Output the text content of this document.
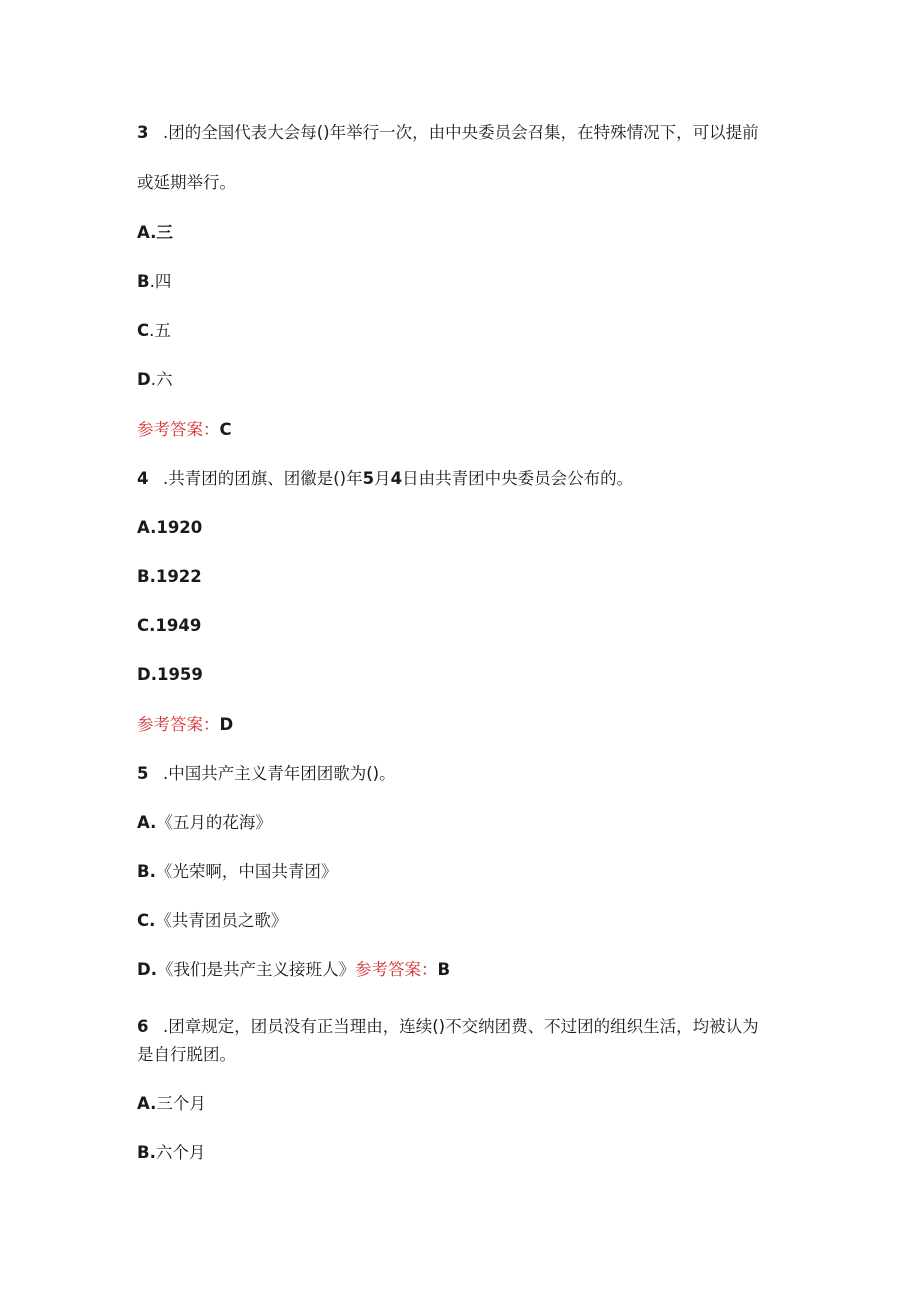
3 .团的全国代表大会每()年举行一次，由中央委员会召集，在特殊情况下，可以提前
或延期举行。
A.三
B.四
C.五
D.六
参考答案：C
4 .共青团的团旗、团徽是()年5月4日由共青团中央委员会公布的。
A.1920
B.1922
C.1949
D.1959
参考答案：D
5 .中国共产主义青年团团歌为()。
A.《五月的花海》
B.《光荣啊，中国共青团》
C.《共青团员之歌》
D.《我们是共产主义接班人》参考答案：B
6 .团章规定，团员没有正当理由，连续()不交纳团费、不过团的组织生活，均被认为
是自行脱团。
A.三个月
B.六个月
